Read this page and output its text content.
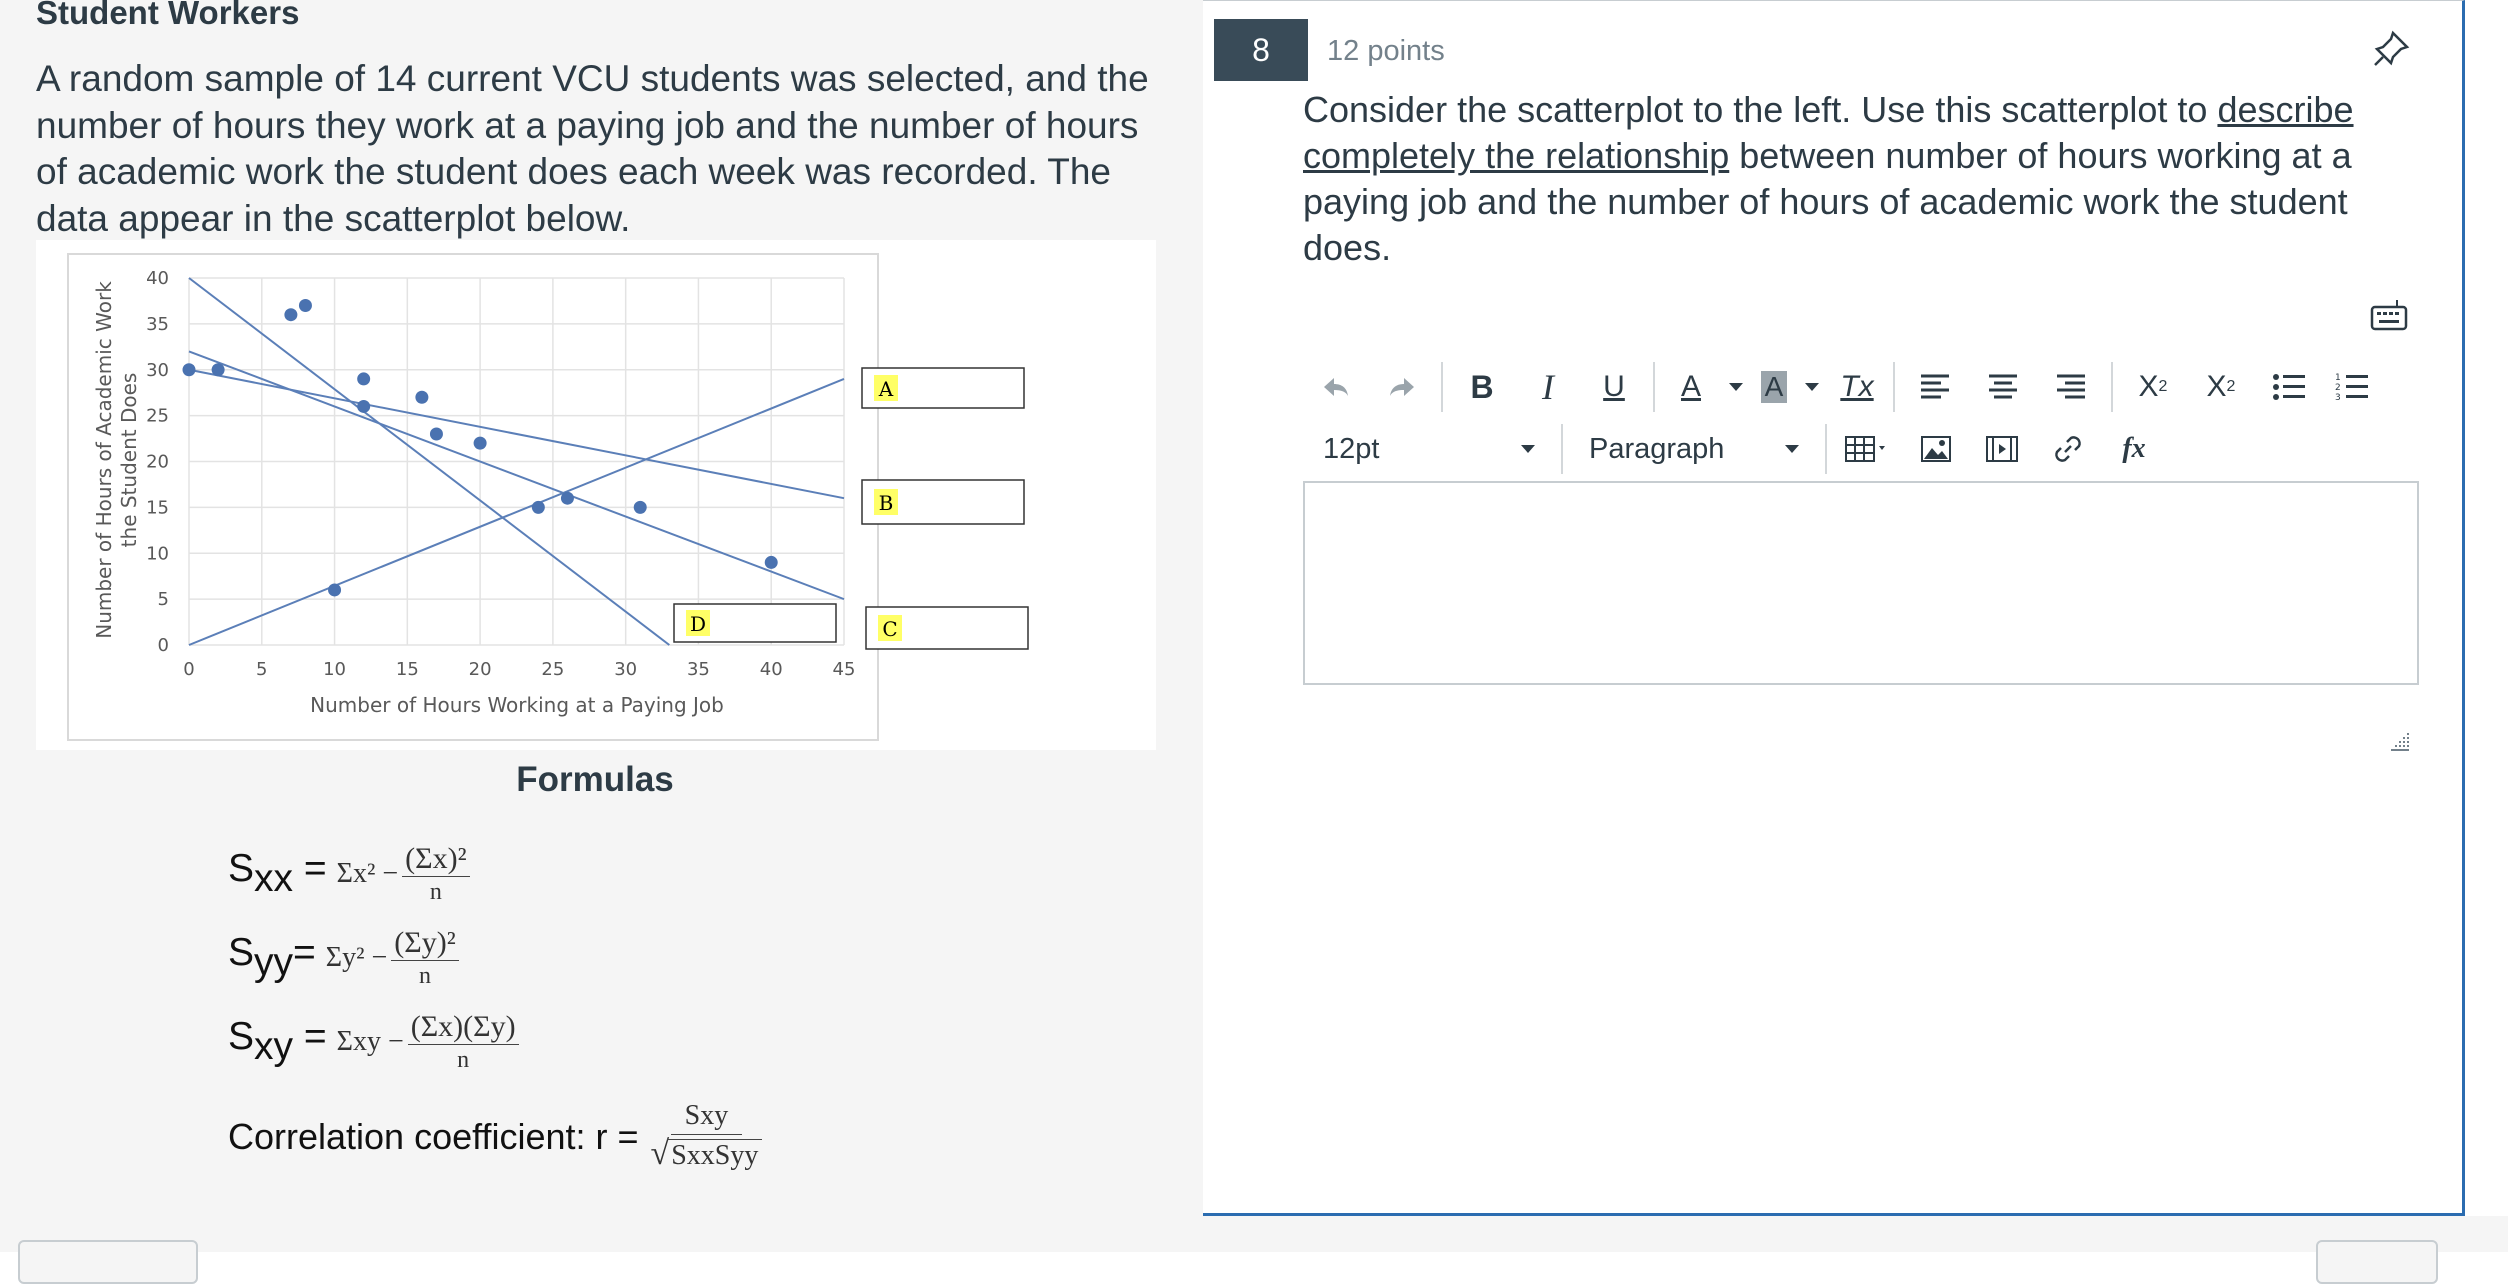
Student Workers
A random sample of 14 current VCU students was selected, and the number of hours they work at a paying job and the number of hours of academic work the student does each week was recorded. The data appear in the scatterplot below.
0	5	10	15	20	25	30	35	40	45
0
5
10
15
20
25
30
35
40
A
B
C
D
Number of Hours Working at a Paying Job
Number of Hours of Academic Work the Student Does
Formulas
$S_{xx} = \Sigma x^2 - \frac{\text{(Σx)²}}{n}$
$S_{yy}= \Sigma y^2 - \frac{\text{(Σy)²}}{n}$
$S_{xy} = \Sigma xy - \frac{(\Sigma x)(\Sigma y)}{n}$
Correlation coefficient: $r = \frac{\text{Sxy}}{\text{√SxxSyy}}$
8	12 points
Consider the scatterplot to the left. Use this scatterplot to describe completely the relationship between number of hours working at a paying job and the number of hours of academic work the student does.
B	I	U	A	A	Tx	X 2	X 2	1
2
3
12pt	Paragraph	fx
